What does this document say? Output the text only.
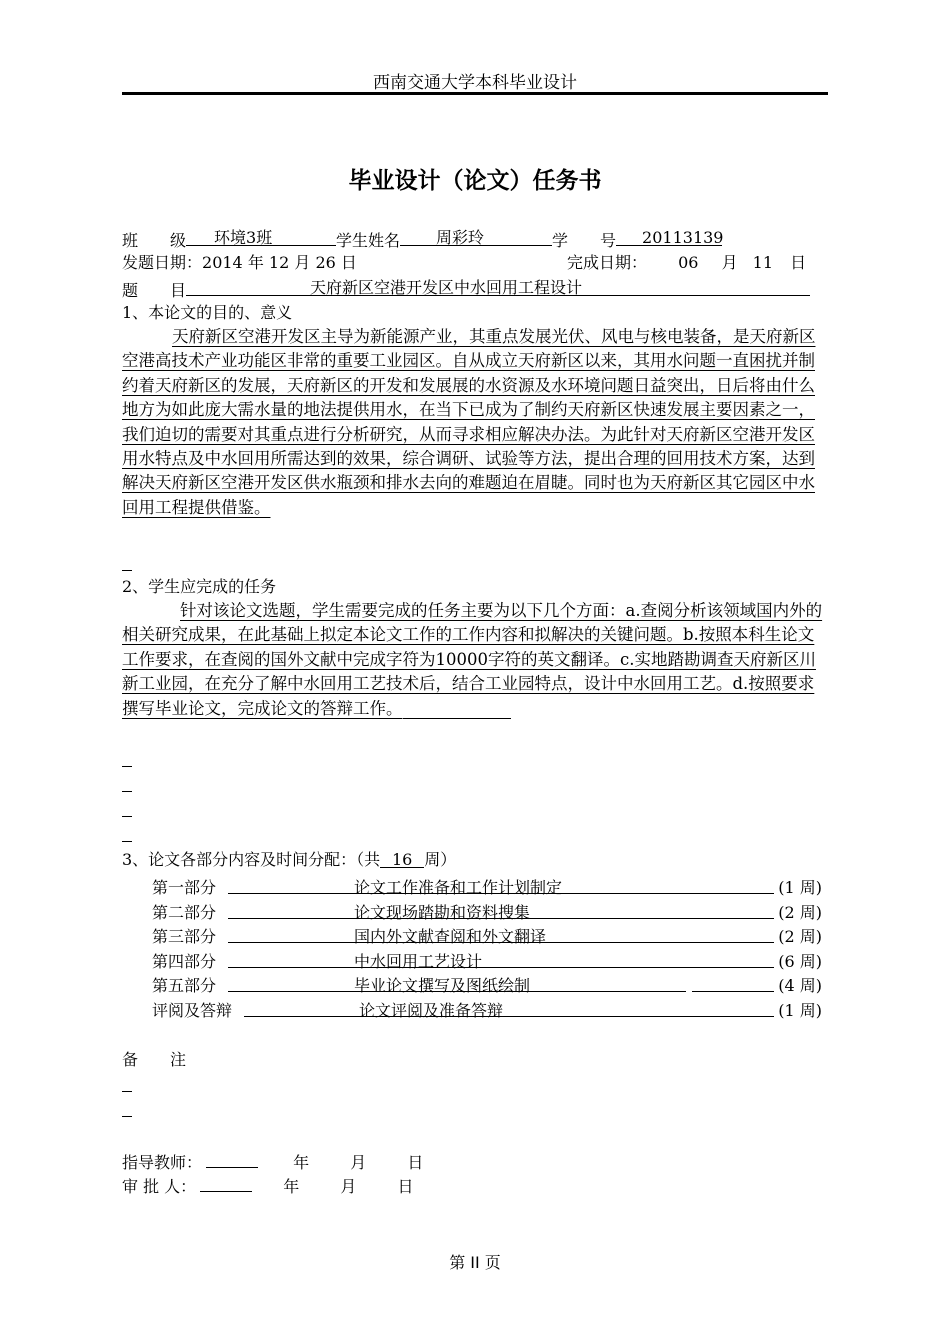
西南交通大学本科毕业设计
毕业设计（论文）任务书
班　　级 环境3班	学生姓名 周彩玲	学　　号 20113139
发题日期：2014 年 12 月 26 日	完成日期： 06 月 11 日
题　　目	天府新区空港开发区中水回用工程设计
1、本论文的目的、意义
天府新区空港开发区主导为新能源产业，其重点发展光伏、风电与核电装备，是天府新区空港高技术产业功能区非常的重要工业园区。自从成立天府新区以来，其用水问题一直困扰并制约着天府新区的发展，天府新区的开发和发展展的水资源及水环境问题日益突出，日后将由什么地方为如此庞大需水量的地法提供用水，在当下已成为了制约天府新区快速发展主要因素之一，我们迫切的需要对其重点进行分析研究，从而寻求相应解决办法。为此针对天府新区空港开发区用水特点及中水回用所需达到的效果，综合调研、试验等方法，提出合理的回用技术方案，达到解决天府新区空港开发区供水瓶颈和排水去向的难题迫在眉睫。同时也为天府新区其它园区中水回用工程提供借鉴。
2、学生应完成的任务
针对该论文选题，学生需要完成的任务主要为以下几个方面：a.查阅分析该领域国内外的相关研究成果，在此基础上拟定本论文工作的工作内容和拟解决的关键问题。b.按照本科生论文工作要求，在查阅的国外文献中完成字符为10000字符的英文翻译。c.实地踏勘调查天府新区川新工业园，在充分了解中水回用工艺技术后，结合工业园特点，设计中水回用工艺。d.按照要求撰写毕业论文，完成论文的答辩工作。
3、论文各部分内容及时间分配：（共 16 周）
第一部分	论文工作准备和工作计划制定	(1 周)
第二部分	论文现场踏勘和资料搜集	(2 周)
第三部分	国内外文献查阅和外文翻译	(2 周)
第四部分	中水回用工艺设计	(6 周)
第五部分	毕业论文撰写及图纸绘制	(4 周)
评阅及答辩	论文评阅及准备答辩	(1 周)
备　　注
指导教师：	年	月	日
审 批 人：	年	月	日
第 II 页
